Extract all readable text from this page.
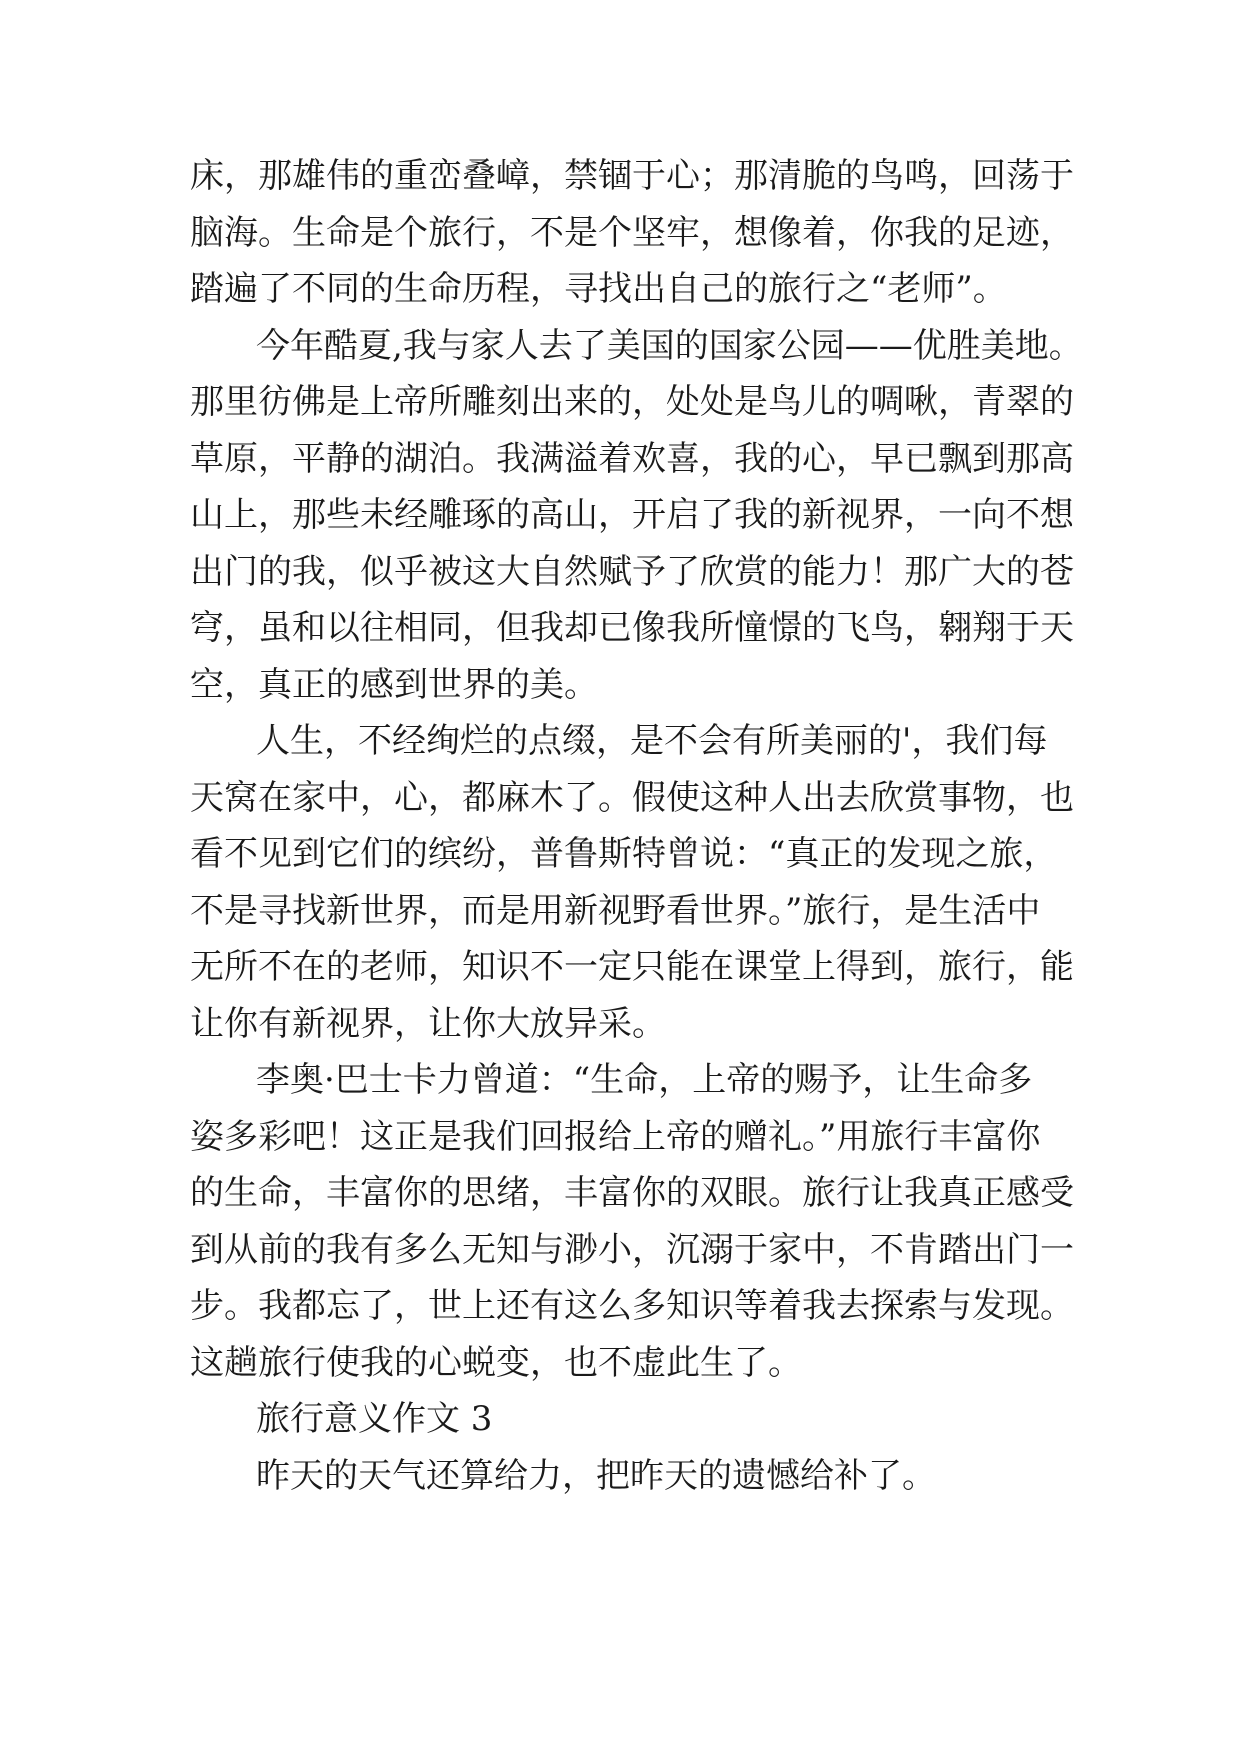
床，那雄伟的重峦叠嶂，禁锢于心；那清脆的鸟鸣，回荡于
脑海。生命是个旅行，不是个坚牢，想像着，你我的足迹，
踏遍了不同的生命历程，寻找出自己的旅行之“老师”。
今年酷夏,我与家人去了美国的国家公园——优胜美地。
那里彷佛是上帝所雕刻出来的，处处是鸟儿的啁啾，青翠的
草原，平静的湖泊。我满溢着欢喜，我的心，早已飘到那高
山上，那些未经雕琢的高山，开启了我的新视界，一向不想
出门的我，似乎被这大自然赋予了欣赏的能力！那广大的苍
穹，虽和以往相同，但我却已像我所憧憬的飞鸟，翱翔于天
空，真正的感到世界的美。
人生，不经绚烂的点缀，是不会有所美丽的'，我们每
天窝在家中，心，都麻木了。假使这种人出去欣赏事物，也
看不见到它们的缤纷，普鲁斯特曾说：“真正的发现之旅，
不是寻找新世界，而是用新视野看世界。”旅行，是生活中
无所不在的老师，知识不一定只能在课堂上得到，旅行，能
让你有新视界，让你大放异采。
李奥·巴士卡力曾道：“生命，上帝的赐予，让生命多
姿多彩吧！这正是我们回报给上帝的赠礼。”用旅行丰富你
的生命，丰富你的思绪，丰富你的双眼。旅行让我真正感受
到从前的我有多么无知与渺小，沉溺于家中，不肯踏出门一
步。我都忘了，世上还有这么多知识等着我去探索与发现。
这趟旅行使我的心蜕变，也不虚此生了。
旅行意义作文 3
昨天的天气还算给力，把昨天的遗憾给补了。
